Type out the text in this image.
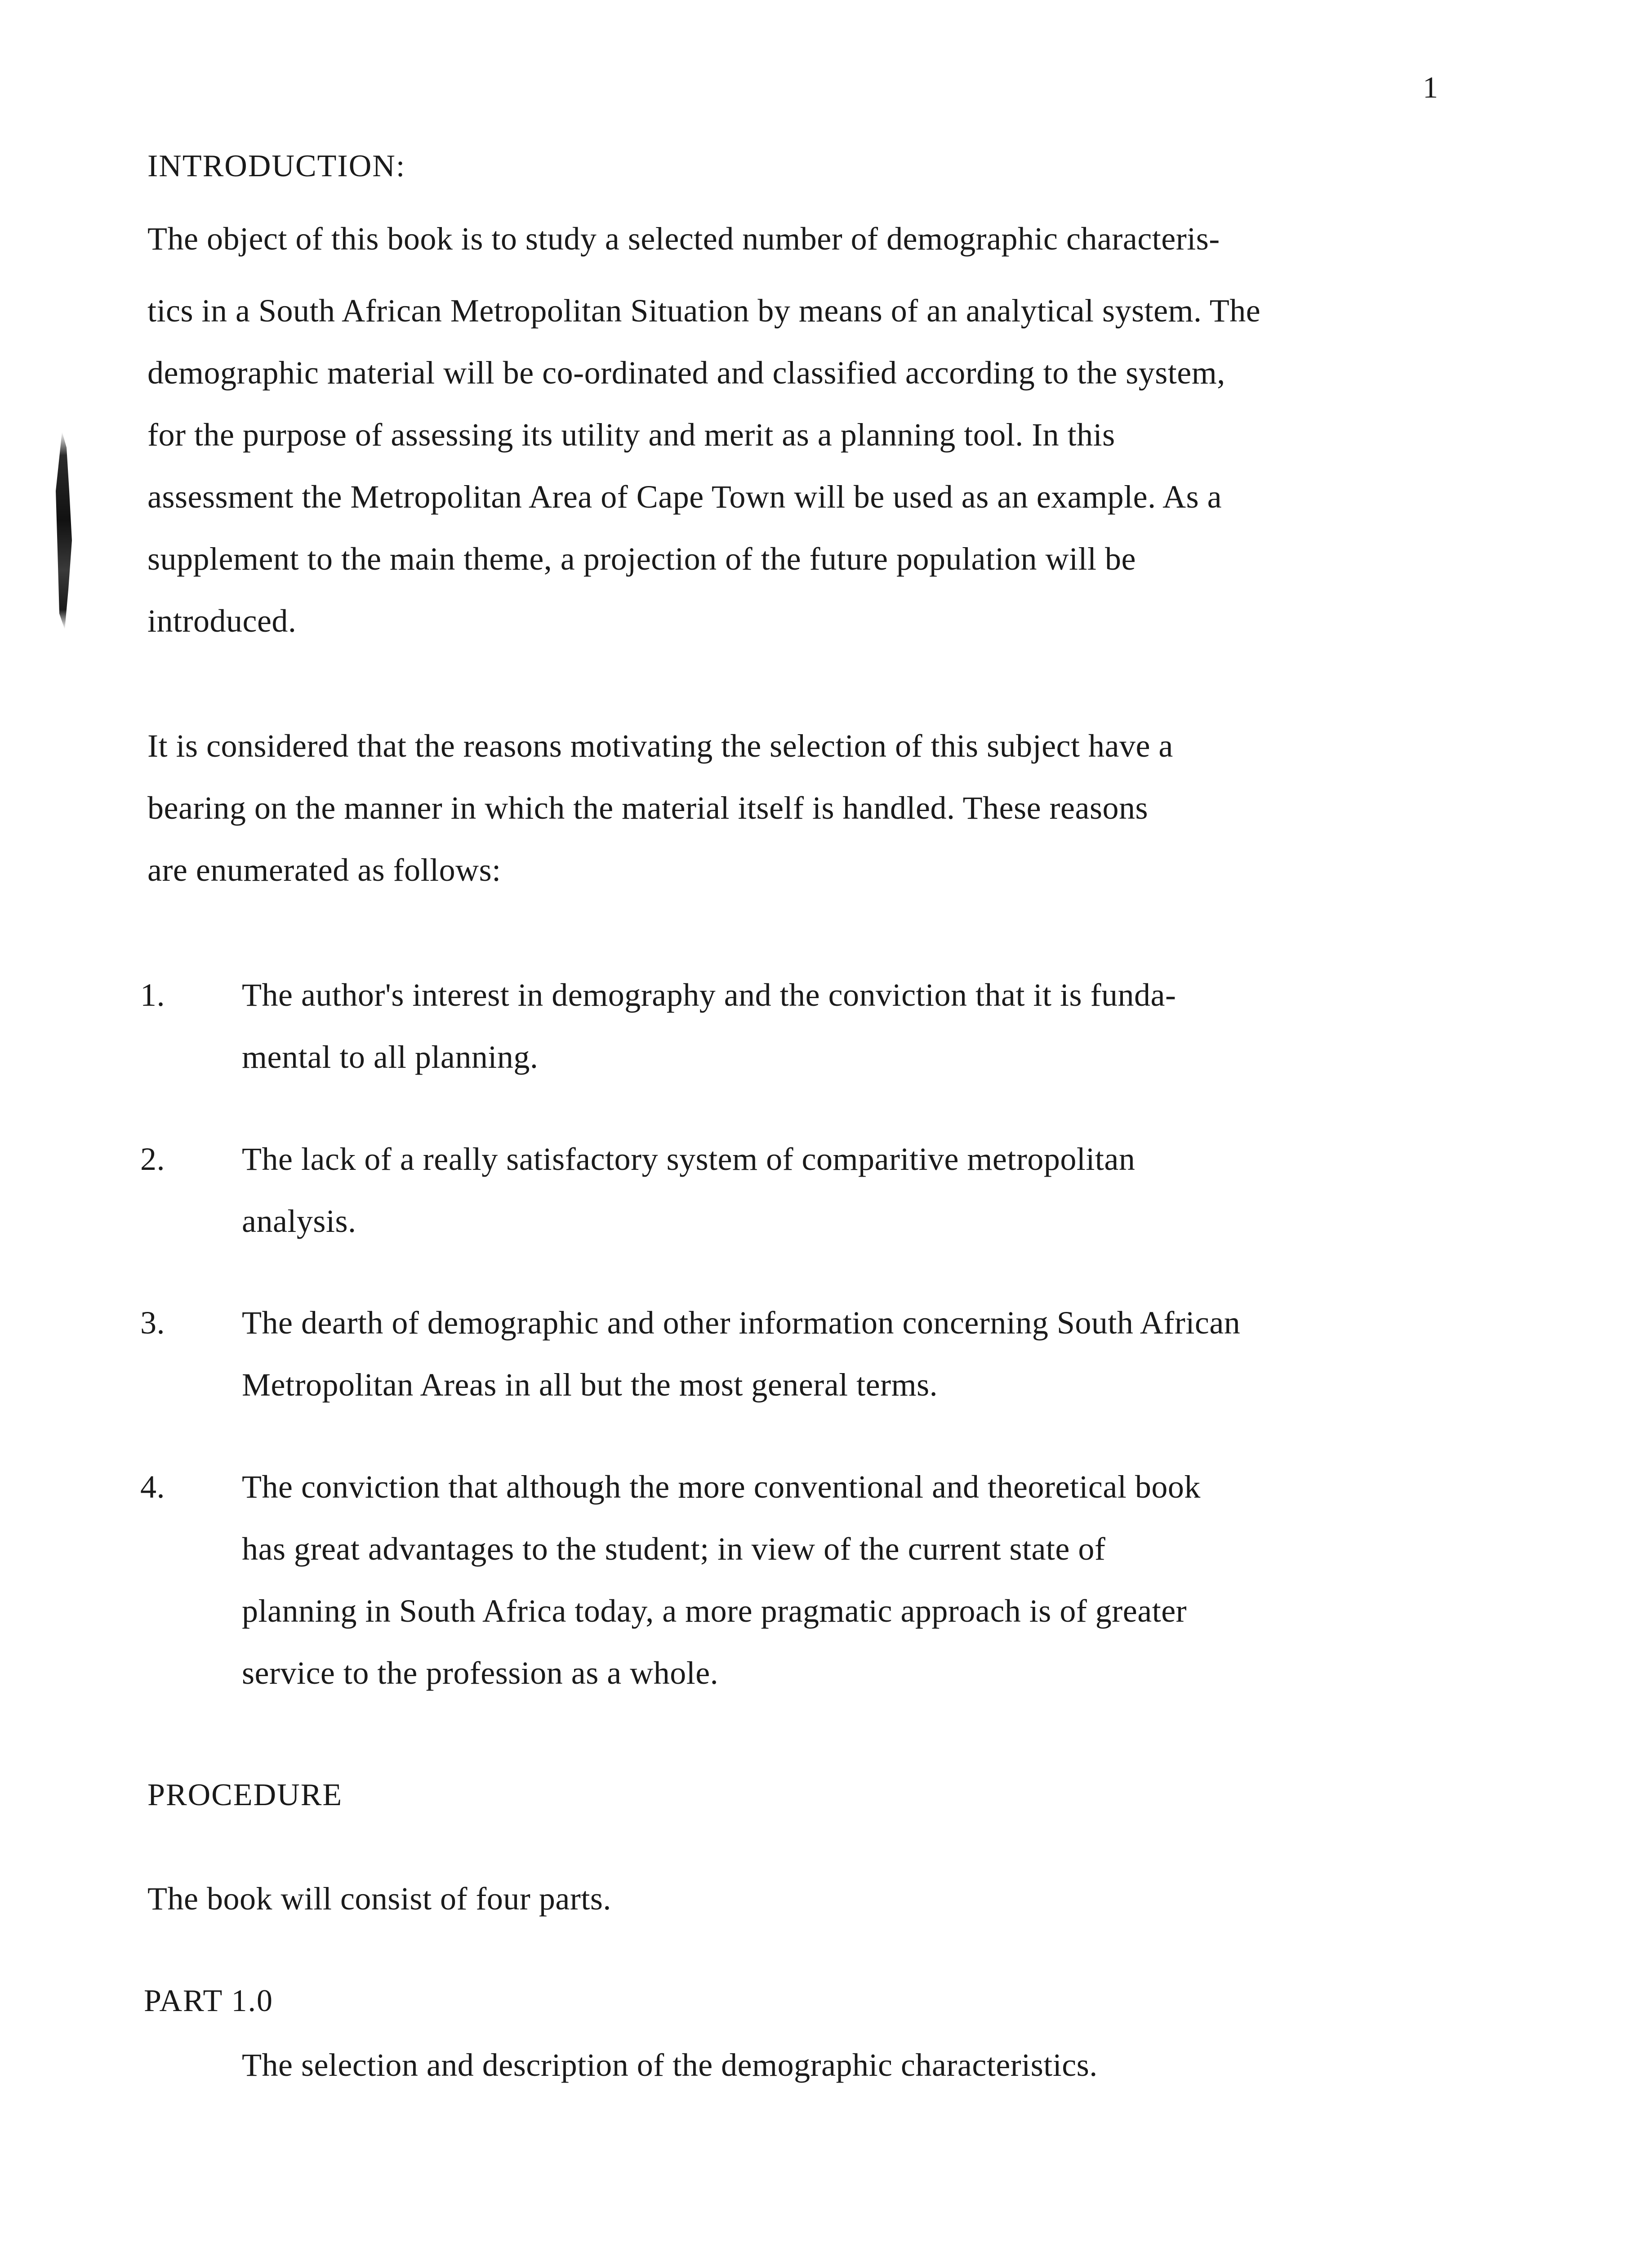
1
INTRODUCTION:
The object of this book is to study a selected number of demographic characteris-
tics in a South African Metropolitan Situation by means of an analytical system. The
demographic material will be co-ordinated and classified according to the system,
for the purpose of assessing its utility and merit as a planning tool. In this
assessment the Metropolitan Area of Cape Town will be used as an example. As a
supplement to the main theme, a projection of the future population will be
introduced.
It is considered that the reasons motivating the selection of this subject have a
bearing on the manner in which the material itself is handled. These reasons
are enumerated as follows:
1. The author's interest in demography and the conviction that it is funda-
mental to all planning.
2. The lack of a really satisfactory system of comparitive metropolitan
analysis.
3. The dearth of demographic and other information concerning South African
Metropolitan Areas in all but the most general terms.
4. The conviction that although the more conventional and theoretical book
has great advantages to the student; in view of the current state of
planning in South Africa today, a more pragmatic approach is of greater
service to the profession as a whole.
PROCEDURE
The book will consist of four parts.
PART 1.0
The selection and description of the demographic characteristics.
